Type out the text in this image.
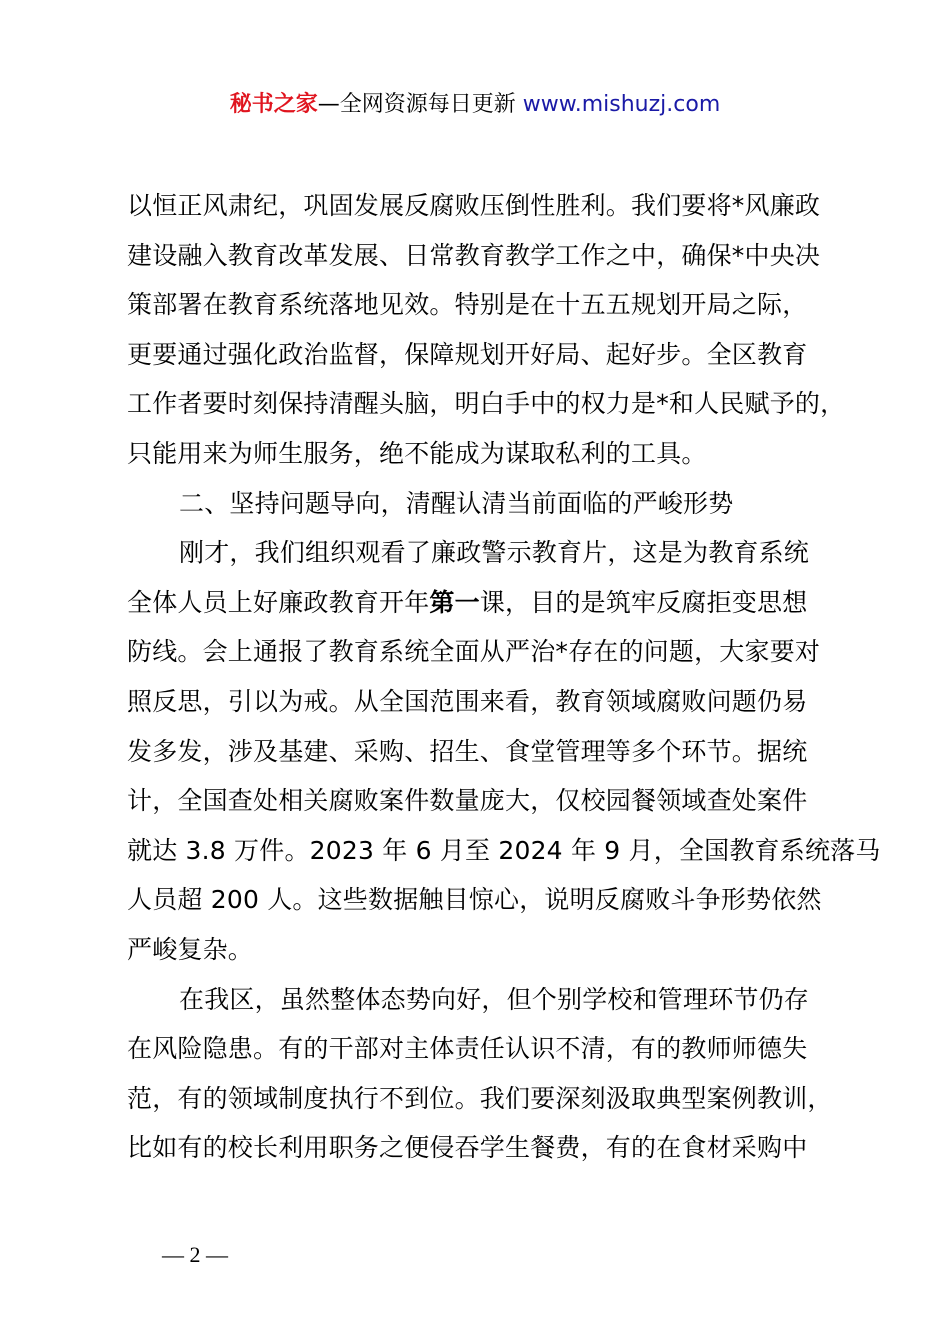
秘书之家—全网资源每日更新 www.mishuzj.com
以恒正风肃纪，巩固发展反腐败压倒性胜利。我们要将*风廉政
建设融入教育改革发展、日常教育教学工作之中，确保*中央决
策部署在教育系统落地见效。特别是在十五五规划开局之际，
更要通过强化政治监督，保障规划开好局、起好步。全区教育
工作者要时刻保持清醒头脑，明白手中的权力是*和人民赋予的，
只能用来为师生服务，绝不能成为谋取私利的工具。
二、坚持问题导向，清醒认清当前面临的严峻形势
刚才，我们组织观看了廉政警示教育片，这是为教育系统
全体人员上好廉政教育开年第一课，目的是筑牢反腐拒变思想
防线。会上通报了教育系统全面从严治*存在的问题，大家要对
照反思，引以为戒。从全国范围来看，教育领域腐败问题仍易
发多发，涉及基建、采购、招生、食堂管理等多个环节。据统
计，全国查处相关腐败案件数量庞大，仅校园餐领域查处案件
就达 3.8 万件。2023 年 6 月至 2024 年 9 月，全国教育系统落马
人员超 200 人。这些数据触目惊心，说明反腐败斗争形势依然
严峻复杂。
在我区，虽然整体态势向好，但个别学校和管理环节仍存
在风险隐患。有的干部对主体责任认识不清，有的教师师德失
范，有的领域制度执行不到位。我们要深刻汲取典型案例教训，
比如有的校长利用职务之便侵吞学生餐费，有的在食材采购中
— 2 —
